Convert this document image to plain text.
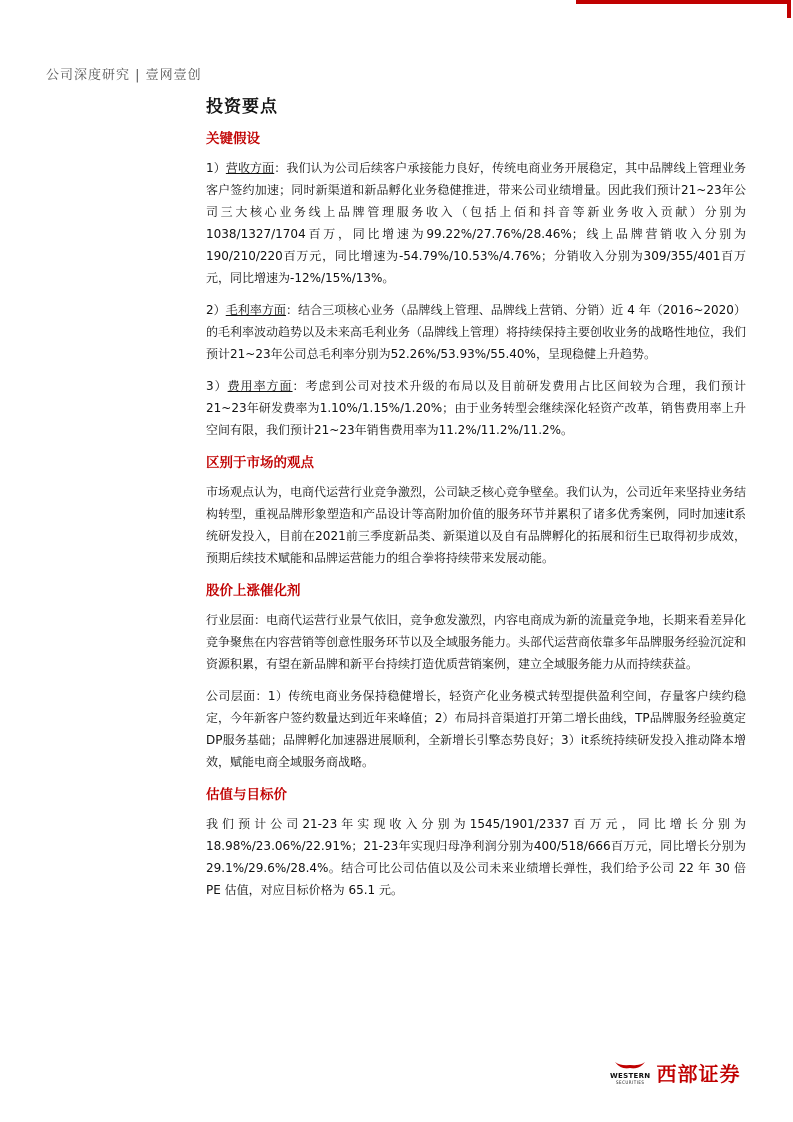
公司深度研究 | 壹网壹创
投资要点
关键假设

1）营收方面：我们认为公司后续客户承接能力良好，传统电商业务开展稳定，其中品牌线上管理业务客户签约加速；同时新渠道和新品孵化业务稳健推进，带来公司业绩增量。因此我们预计21~23年公司三大核心业务线上品牌管理服务收入（包括上佰和抖音等新业务收入贡献）分别为1038/1327/1704百万，同比增速为99.22%/27.76%/28.46%；线上品牌营销收入分别为190/210/220百万元，同比增速为-54.79%/10.53%/4.76%；分销收入分别为309/355/401百万元，同比增速为-12%/15%/13%。

2）毛利率方面：结合三项核心业务（品牌线上管理、品牌线上营销、分销）近 4 年（2016~2020）的毛利率波动趋势以及未来高毛利业务（品牌线上管理）将持续保持主要创收业务的战略性地位，我们预计21~23年公司总毛利率分别为52.26%/53.93%/55.40%，呈现稳健上升趋势。

3）费用率方面：考虑到公司对技术升级的布局以及目前研发费用占比区间较为合理，我们预计21~23年研发费率为1.10%/1.15%/1.20%；由于业务转型会继续深化轻资产改革，销售费用率上升空间有限，我们预计21~23年销售费用率为11.2%/11.2%/11.2%。

区别于市场的观点

市场观点认为，电商代运营行业竞争激烈，公司缺乏核心竞争壁垒。我们认为，公司近年来坚持业务结构转型，重视品牌形象塑造和产品设计等高附加价值的服务环节并累积了诸多优秀案例，同时加速it系统研发投入，目前在2021前三季度新品类、新渠道以及自有品牌孵化的拓展和衍生已取得初步成效，预期后续技术赋能和品牌运营能力的组合拳将持续带来发展动能。

股价上涨催化剂

行业层面：电商代运营行业景气依旧，竞争愈发激烈，内容电商成为新的流量竞争地，长期来看差异化竞争聚焦在内容营销等创意性服务环节以及全域服务能力。头部代运营商依靠多年品牌服务经验沉淀和资源积累，有望在新品牌和新平台持续打造优质营销案例，建立全域服务能力从而持续获益。

公司层面：1）传统电商业务保持稳健增长，轻资产化业务模式转型提供盈利空间，存量客户续约稳定，今年新客户签约数量达到近年来峰值；2）布局抖音渠道打开第二增长曲线，TP品牌服务经验奠定DP服务基础；品牌孵化加速器进展顺利，全新增长引擎态势良好；3）it系统持续研发投入推动降本增效，赋能电商全域服务商战略。

估值与目标价

我们预计公司21-23年实现收入分别为1545/1901/2337百万元，同比增长分别为18.98%/23.06%/22.91%；21-23年实现归母净利润分别为400/518/666百万元，同比增长分别为29.1%/29.6%/28.4%。结合可比公司估值以及公司未来业绩增长弹性，我们给予公司 22 年 30 倍 PE 估值，对应目标价格为 65.1 元。

WESTERN
SECURITIES 西部证券
